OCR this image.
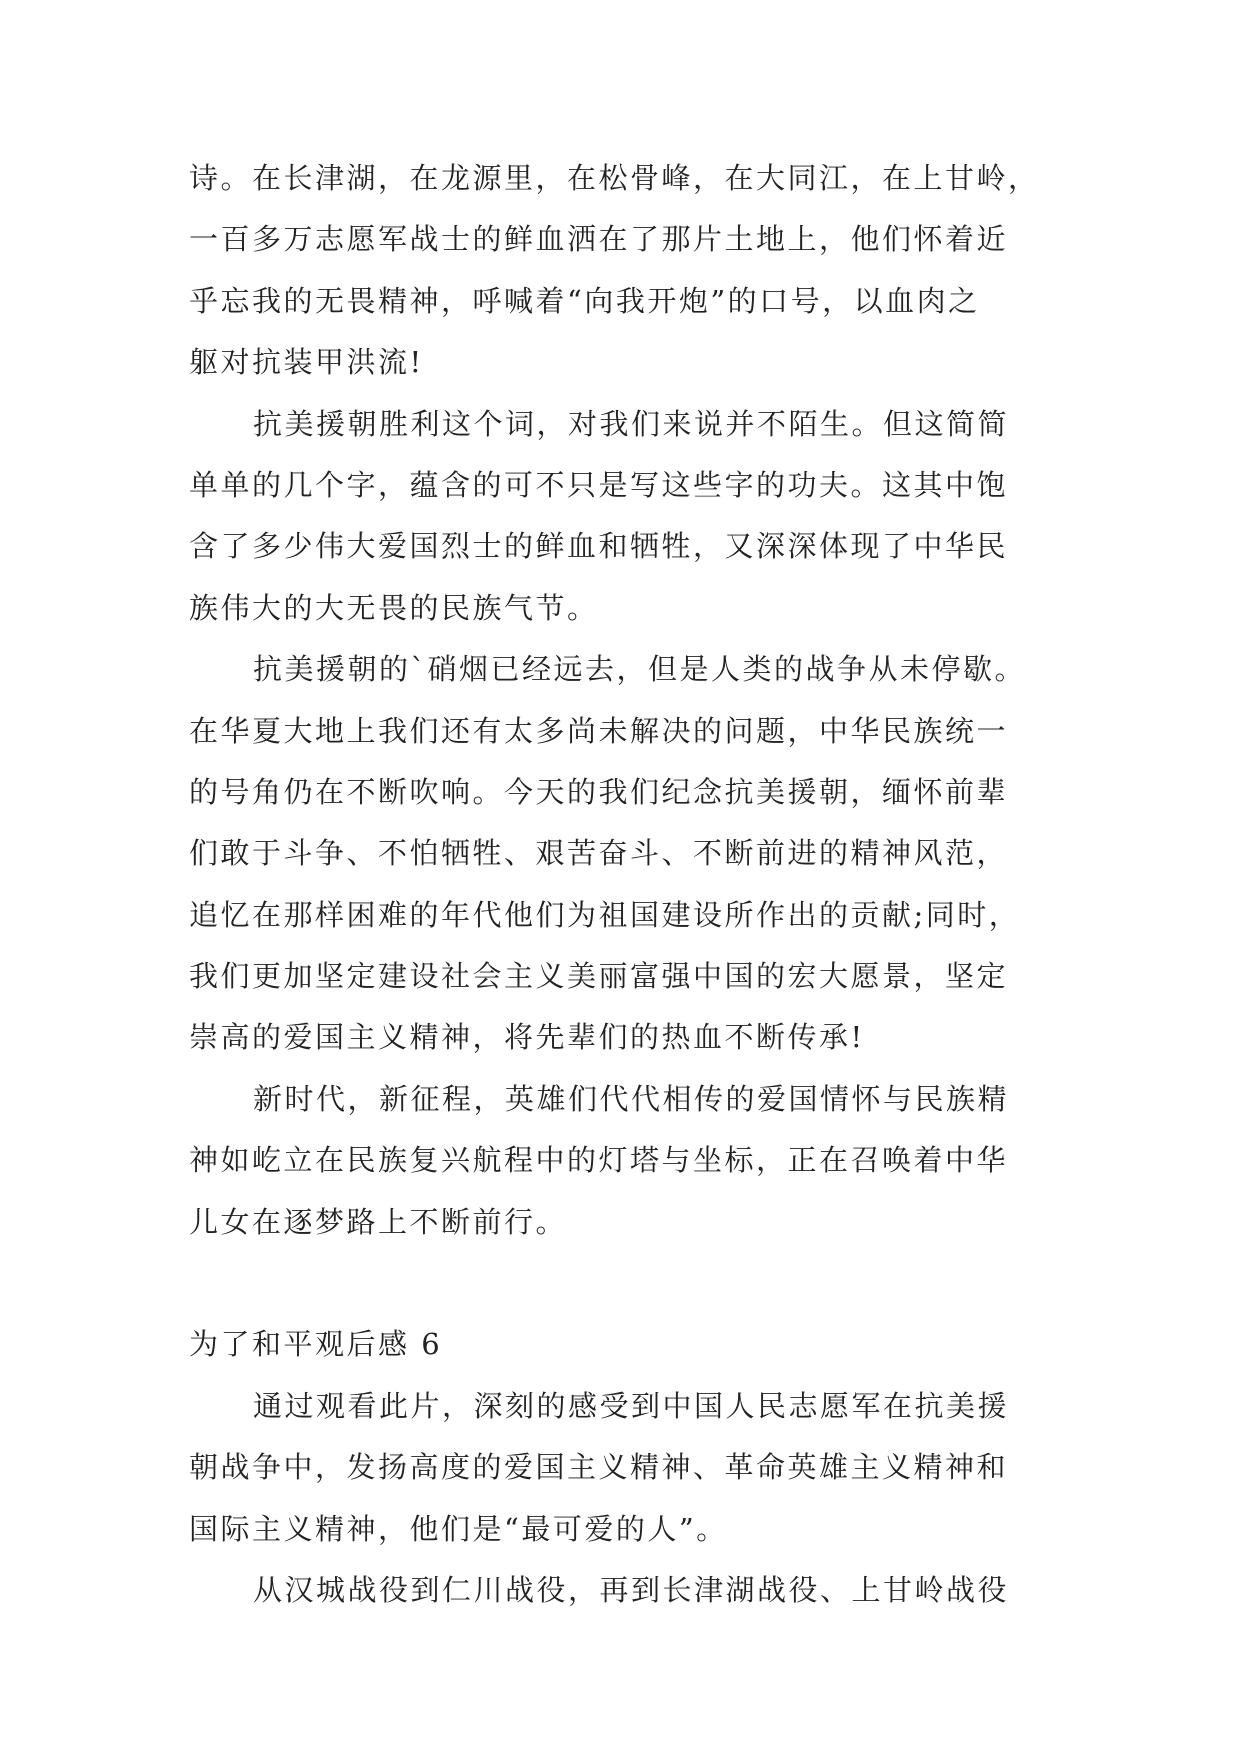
诗。在长津湖，在龙源里，在松骨峰，在大同江，在上甘岭，
一百多万志愿军战士的鲜血洒在了那片土地上，他们怀着近
乎忘我的无畏精神，呼喊着“向我开炮”的口号，以血肉之
躯对抗装甲洪流!
抗美援朝胜利这个词，对我们来说并不陌生。但这简简
单单的几个字，蕴含的可不只是写这些字的功夫。这其中饱
含了多少伟大爱国烈士的鲜血和牺牲，又深深体现了中华民
族伟大的大无畏的民族气节。
抗美援朝的`硝烟已经远去，但是人类的战争从未停歇。
在华夏大地上我们还有太多尚未解决的问题，中华民族统一
的号角仍在不断吹响。今天的我们纪念抗美援朝，缅怀前辈
们敢于斗争、不怕牺牲、艰苦奋斗、不断前进的精神风范，
追忆在那样困难的年代他们为祖国建设所作出的贡献;同时，
我们更加坚定建设社会主义美丽富强中国的宏大愿景，坚定
崇高的爱国主义精神，将先辈们的热血不断传承!
新时代，新征程，英雄们代代相传的爱国情怀与民族精
神如屹立在民族复兴航程中的灯塔与坐标，正在召唤着中华
儿女在逐梦路上不断前行。
为了和平观后感 6
通过观看此片，深刻的感受到中国人民志愿军在抗美援
朝战争中，发扬高度的爱国主义精神、革命英雄主义精神和
国际主义精神，他们是“最可爱的人”。
从汉城战役到仁川战役，再到长津湖战役、上甘岭战役
